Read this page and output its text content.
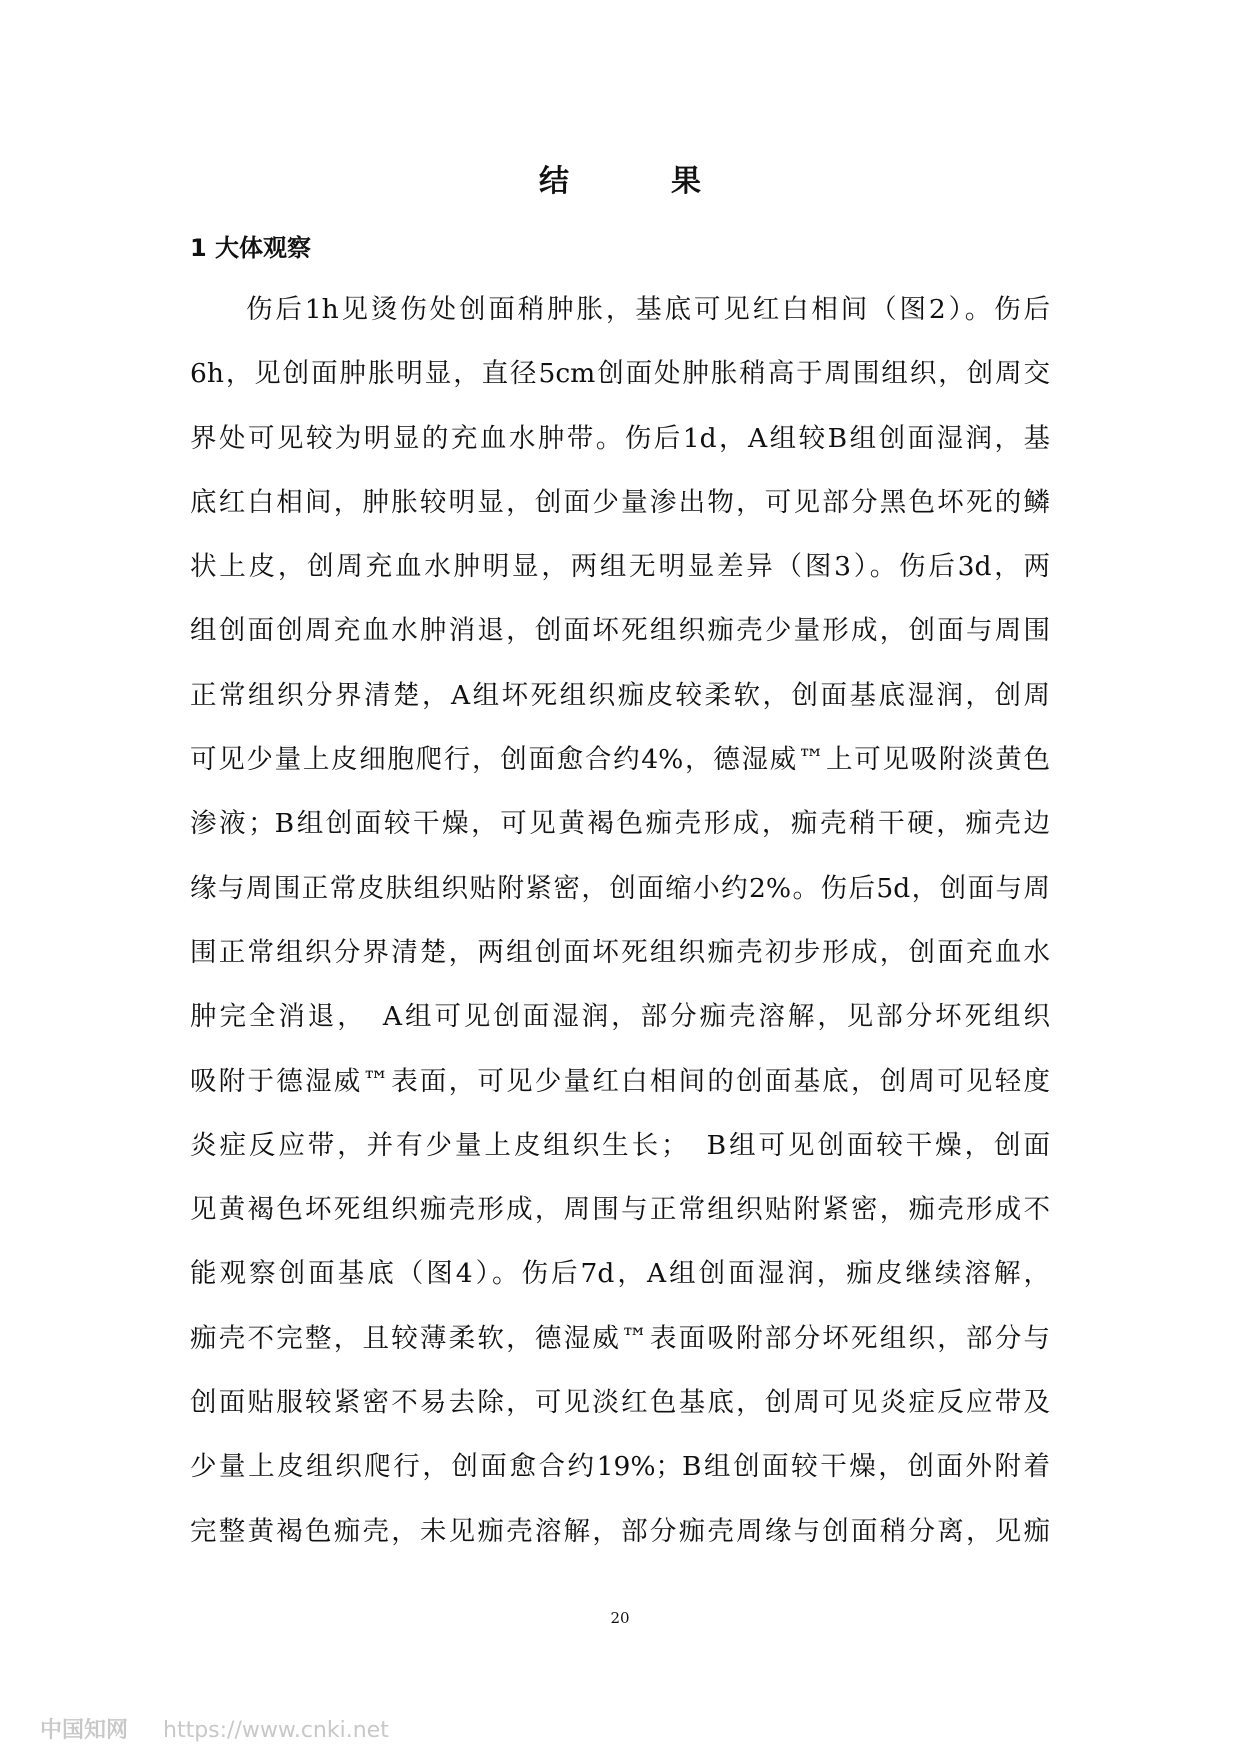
结　果
1 大体观察
伤后1h见烫伤处创面稍肿胀，基底可见红白相间（图2）。伤后
6h，见创面肿胀明显，直径5cm创面处肿胀稍高于周围组织，创周交
界处可见较为明显的充血水肿带。伤后1d，A组较B组创面湿润，基
底红白相间，肿胀较明显，创面少量渗出物，可见部分黑色坏死的鳞
状上皮，创周充血水肿明显，两组无明显差异（图3）。伤后3d，两
组创面创周充血水肿消退，创面坏死组织痂壳少量形成，创面与周围
正常组织分界清楚，A组坏死组织痂皮较柔软，创面基底湿润，创周
可见少量上皮细胞爬行，创面愈合约4%，德湿威™上可见吸附淡黄色
渗液；B组创面较干燥，可见黄褐色痂壳形成，痂壳稍干硬，痂壳边
缘与周围正常皮肤组织贴附紧密，创面缩小约2%。伤后5d，创面与周
围正常组织分界清楚，两组创面坏死组织痂壳初步形成，创面充血水
肿完全消退，　A组可见创面湿润，部分痂壳溶解，见部分坏死组织
吸附于德湿威™表面，可见少量红白相间的创面基底，创周可见轻度
炎症反应带，并有少量上皮组织生长；　B组可见创面较干燥，创面
见黄褐色坏死组织痂壳形成，周围与正常组织贴附紧密，痂壳形成不
能观察创面基底（图4）。伤后7d，A组创面湿润，痂皮继续溶解，
痂壳不完整，且较薄柔软，德湿威™表面吸附部分坏死组织，部分与
创面贴服较紧密不易去除，可见淡红色基底，创周可见炎症反应带及
少量上皮组织爬行，创面愈合约19%；B组创面较干燥，创面外附着
完整黄褐色痂壳，未见痂壳溶解，部分痂壳周缘与创面稍分离，见痂
20
中国知网 https://www.cnki.net
